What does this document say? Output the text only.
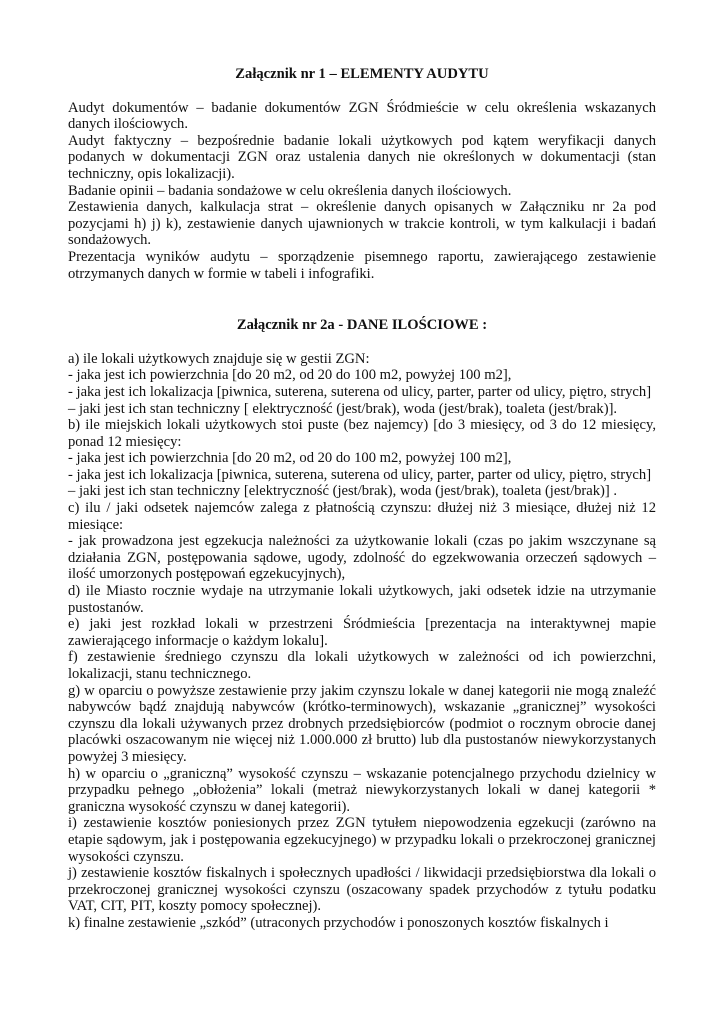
Załącznik nr 1 – ELEMENTY AUDYTU

Audyt dokumentów – badanie dokumentów ZGN Śródmieście w celu określenia wskazanych danych ilościowych.

Audyt faktyczny – bezpośrednie badanie lokali użytkowych pod kątem weryfikacji danych podanych w dokumentacji ZGN oraz ustalenia danych nie określonych w dokumentacji (stan techniczny, opis lokalizacji).

Badanie opinii – badania sondażowe w celu określenia danych ilościowych.

Zestawienia danych, kalkulacja strat – określenie danych opisanych w Załączniku nr 2a pod pozycjami h) j) k), zestawienie danych ujawnionych w trakcie kontroli, w tym kalkulacji i badań sondażowych.

Prezentacja wyników audytu – sporządzenie pisemnego raportu, zawierającego zestawienie otrzymanych danych w formie w tabeli i infografiki.

Załącznik nr 2a - DANE ILOŚCIOWE :

a) ile lokali użytkowych znajduje się w gestii ZGN:

- jaka jest ich powierzchnia [do 20 m2, od 20 do 100 m2, powyżej 100 m2],

- jaka jest ich lokalizacja [piwnica, suterena, suterena od ulicy, parter, parter od ulicy, piętro, strych]

– jaki jest ich stan techniczny [ elektryczność (jest/brak), woda (jest/brak), toaleta (jest/brak)].

b) ile miejskich lokali użytkowych stoi puste (bez najemcy) [do 3 miesięcy, od 3 do 12 miesięcy, ponad 12 miesięcy:

- jaka jest ich powierzchnia [do 20 m2, od 20 do 100 m2, powyżej 100 m2],

- jaka jest ich lokalizacja [piwnica, suterena, suterena od ulicy, parter, parter od ulicy, piętro, strych]

– jaki jest ich stan techniczny [elektryczność (jest/brak), woda (jest/brak), toaleta (jest/brak)] .

c) ilu / jaki odsetek najemców zalega z płatnością czynszu: dłużej niż 3 miesiące, dłużej niż 12 miesiące:

- jak prowadzona jest egzekucja należności za użytkowanie lokali (czas po jakim wszczynane są działania ZGN, postępowania sądowe, ugody, zdolność do egzekwowania orzeczeń sądowych – ilość umorzonych postępowań egzekucyjnych),

d) ile Miasto rocznie wydaje na utrzymanie lokali użytkowych, jaki odsetek idzie na utrzymanie pustostanów.

e) jaki jest rozkład lokali w przestrzeni Śródmieścia [prezentacja na interaktywnej mapie zawierającego informacje o każdym lokalu].

f) zestawienie średniego czynszu dla lokali użytkowych w zależności od ich powierzchni, lokalizacji, stanu technicznego.

g) w oparciu o powyższe zestawienie przy jakim czynszu lokale w danej kategorii nie mogą znaleźć nabywców bądź znajdują nabywców (krótko-terminowych), wskazanie „granicznej” wysokości czynszu dla lokali używanych przez drobnych przedsiębiorców (podmiot o rocznym obrocie danej placówki oszacowanym nie więcej niż 1.000.000 zł brutto) lub dla pustostanów niewykorzystanych powyżej 3 miesięcy.

h) w oparciu o „graniczną” wysokość czynszu – wskazanie potencjalnego przychodu dzielnicy w przypadku pełnego „obłożenia” lokali (metraż niewykorzystanych lokali w danej kategorii * graniczna wysokość czynszu w danej kategorii).

i) zestawienie kosztów poniesionych przez ZGN tytułem niepowodzenia egzekucji (zarówno na etapie sądowym, jak i postępowania egzekucyjnego) w przypadku lokali o przekroczonej granicznej wysokości czynszu.

j) zestawienie kosztów fiskalnych i społecznych upadłości / likwidacji przedsiębiorstwa dla lokali o przekroczonej granicznej wysokości czynszu (oszacowany spadek przychodów z tytułu podatku VAT, CIT, PIT, koszty pomocy społecznej).

k) finalne zestawienie „szkód” (utraconych przychodów i ponoszonych kosztów fiskalnych i
